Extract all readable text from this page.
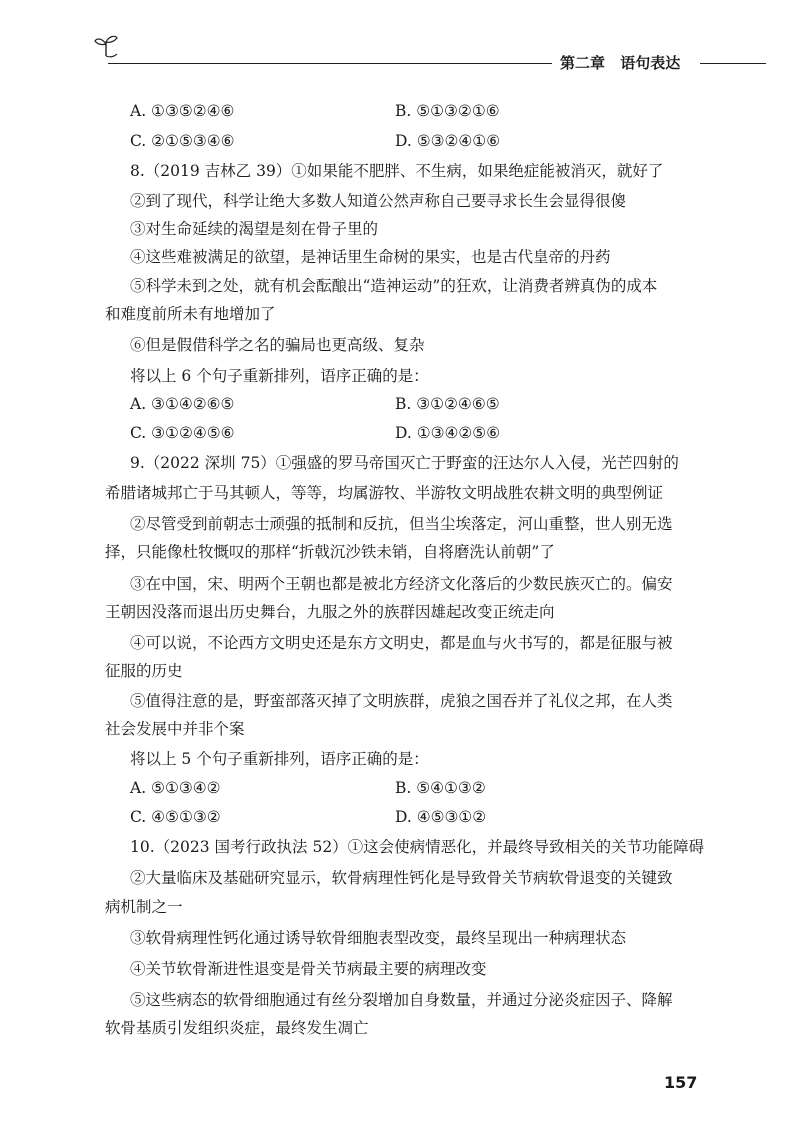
第二章 语句表达
A. ①③⑤②④⑥	B. ⑤①③②①⑥
C. ②①⑤③④⑥	D. ⑤③②④①⑥
8.（2019 吉林乙 39）①如果能不肥胖、不生病，如果绝症能被消灭，就好了
②到了现代，科学让绝大多数人知道公然声称自己要寻求长生会显得很傻
③对生命延续的渴望是刻在骨子里的
④这些难被满足的欲望，是神话里生命树的果实，也是古代皇帝的丹药
⑤科学未到之处，就有机会酝酿出“造神运动”的狂欢，让消费者辨真伪的成本
和难度前所未有地增加了
⑥但是假借科学之名的骗局也更高级、复杂
将以上 6 个句子重新排列，语序正确的是：
A. ③①④②⑥⑤	B. ③①②④⑥⑤
C. ③①②④⑤⑥	D. ①③④②⑤⑥
9.（2022 深圳 75）①强盛的罗马帝国灭亡于野蛮的汪达尔人入侵，光芒四射的
希腊诸城邦亡于马其顿人，等等，均属游牧、半游牧文明战胜农耕文明的典型例证
②尽管受到前朝志士顽强的抵制和反抗，但当尘埃落定，河山重整，世人别无选
择，只能像杜牧慨叹的那样“折戟沉沙铁未销，自将磨洗认前朝”了
③在中国，宋、明两个王朝也都是被北方经济文化落后的少数民族灭亡的。偏安
王朝因没落而退出历史舞台，九服之外的族群因雄起改变正统走向
④可以说，不论西方文明史还是东方文明史，都是血与火书写的，都是征服与被
征服的历史
⑤值得注意的是，野蛮部落灭掉了文明族群，虎狼之国吞并了礼仪之邦，在人类
社会发展中并非个案
将以上 5 个句子重新排列，语序正确的是：
A. ⑤①③④②	B. ⑤④①③②
C. ④⑤①③②	D. ④⑤③①②
10.（2023 国考行政执法 52）①这会使病情恶化，并最终导致相关的关节功能障碍
②大量临床及基础研究显示，软骨病理性钙化是导致骨关节病软骨退变的关键致
病机制之一
③软骨病理性钙化通过诱导软骨细胞表型改变，最终呈现出一种病理状态
④关节软骨渐进性退变是骨关节病最主要的病理改变
⑤这些病态的软骨细胞通过有丝分裂增加自身数量，并通过分泌炎症因子、降解
软骨基质引发组织炎症，最终发生凋亡
157
